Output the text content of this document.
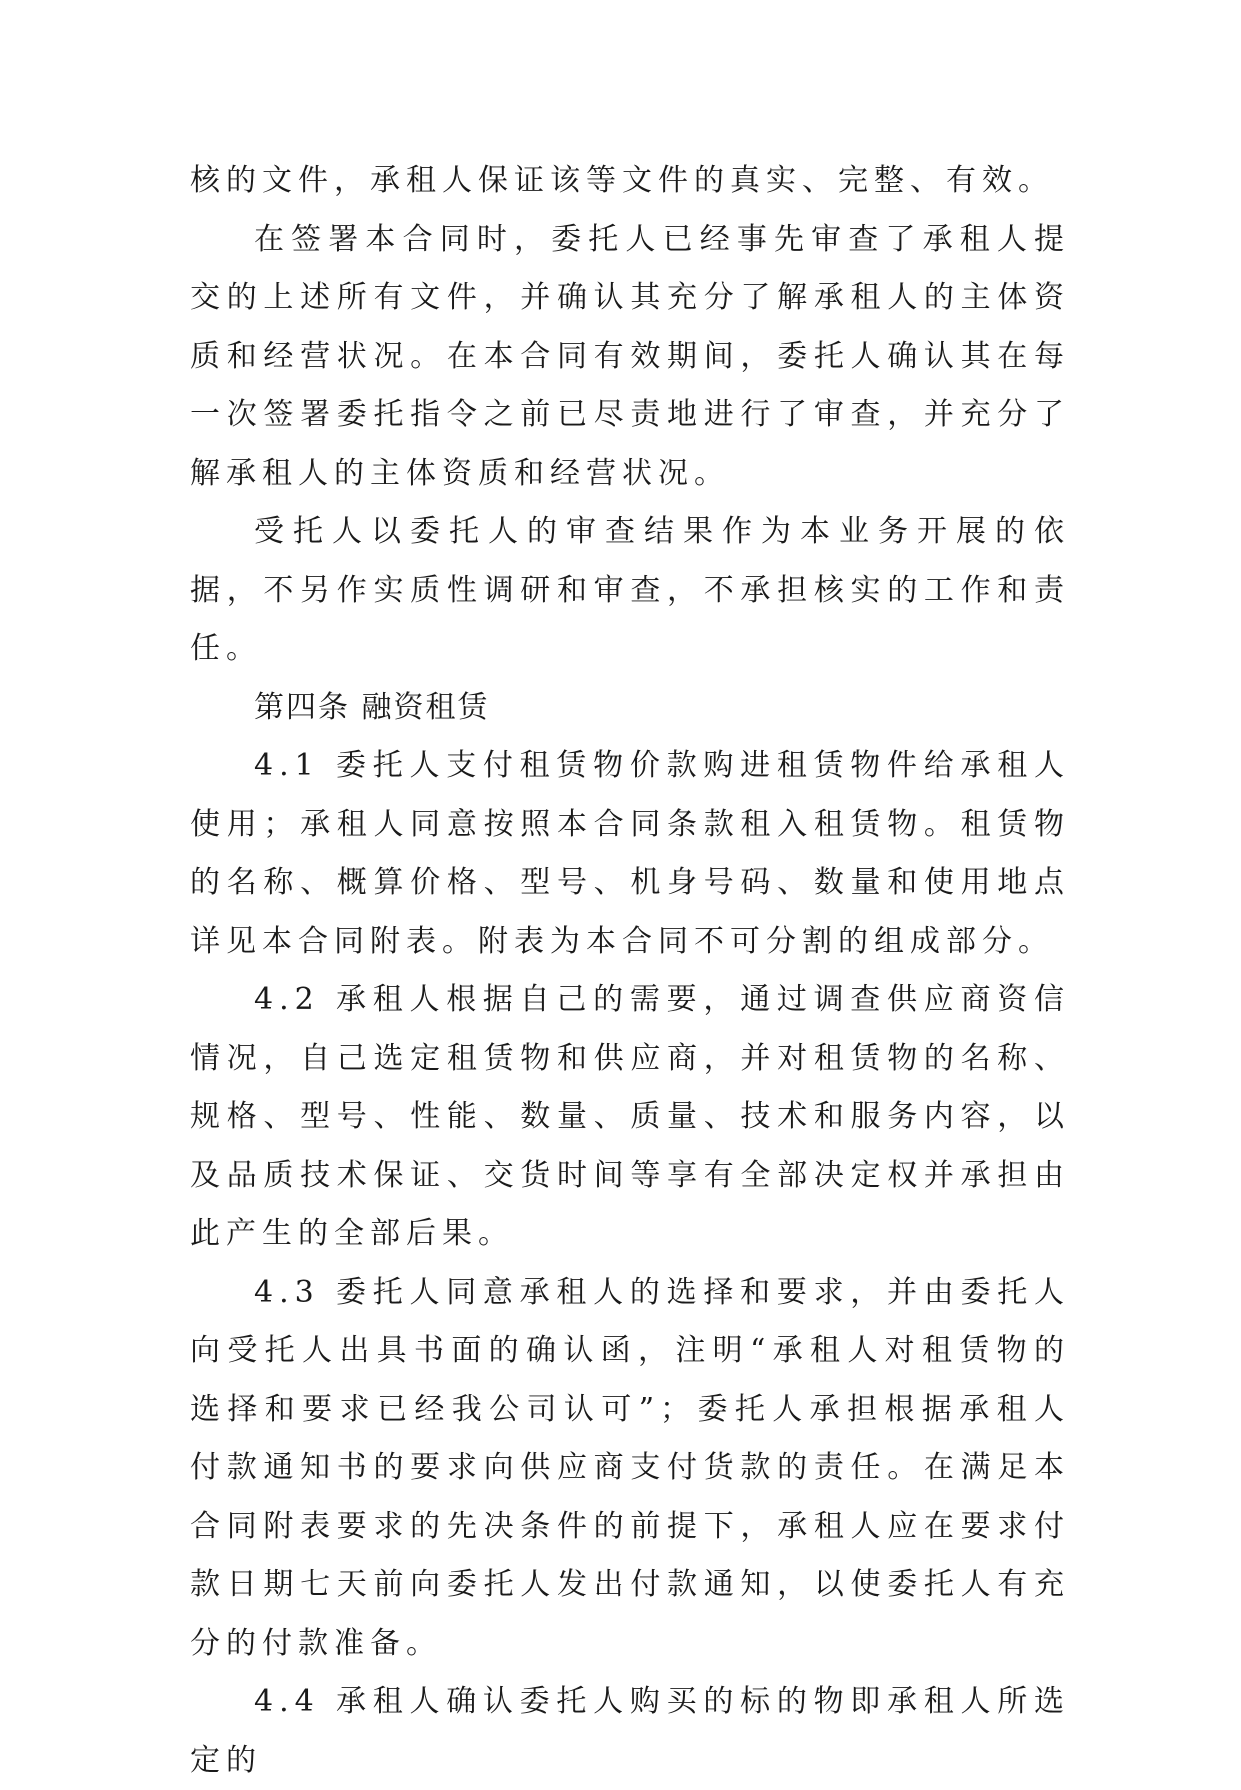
核的文件，承租人保证该等文件的真实、完整、有效。

在签署本合同时，委托人已经事先审查了承租人提交的上述所有文件，并确认其充分了解承租人的主体资质和经营状况。在本合同有效期间，委托人确认其在每一次签署委托指令之前已尽责地进行了审查，并充分了解承租人的主体资质和经营状况。

受托人以委托人的审查结果作为本业务开展的依据，不另作实质性调研和审查，不承担核实的工作和责任。

第四条 融资租赁

4.1 委托人支付租赁物价款购进租赁物件给承租人使用；承租人同意按照本合同条款租入租赁物。租赁物的名称、概算价格、型号、机身号码、数量和使用地点详见本合同附表。附表为本合同不可分割的组成部分。

4.2 承租人根据自己的需要，通过调查供应商资信情况，自己选定租赁物和供应商，并对租赁物的名称、规格、型号、性能、数量、质量、技术和服务内容，以及品质技术保证、交货时间等享有全部决定权并承担由此产生的全部后果。

4.3 委托人同意承租人的选择和要求，并由委托人向受托人出具书面的确认函，注明“承租人对租赁物的选择和要求已经我公司认可”；委托人承担根据承租人付款通知书的要求向供应商支付货款的责任。在满足本合同附表要求的先决条件的前提下，承租人应在要求付款日期七天前向委托人发出付款通知，以使委托人有充分的付款准备。

4.4 承租人确认委托人购买的标的物即承租人所选定的
